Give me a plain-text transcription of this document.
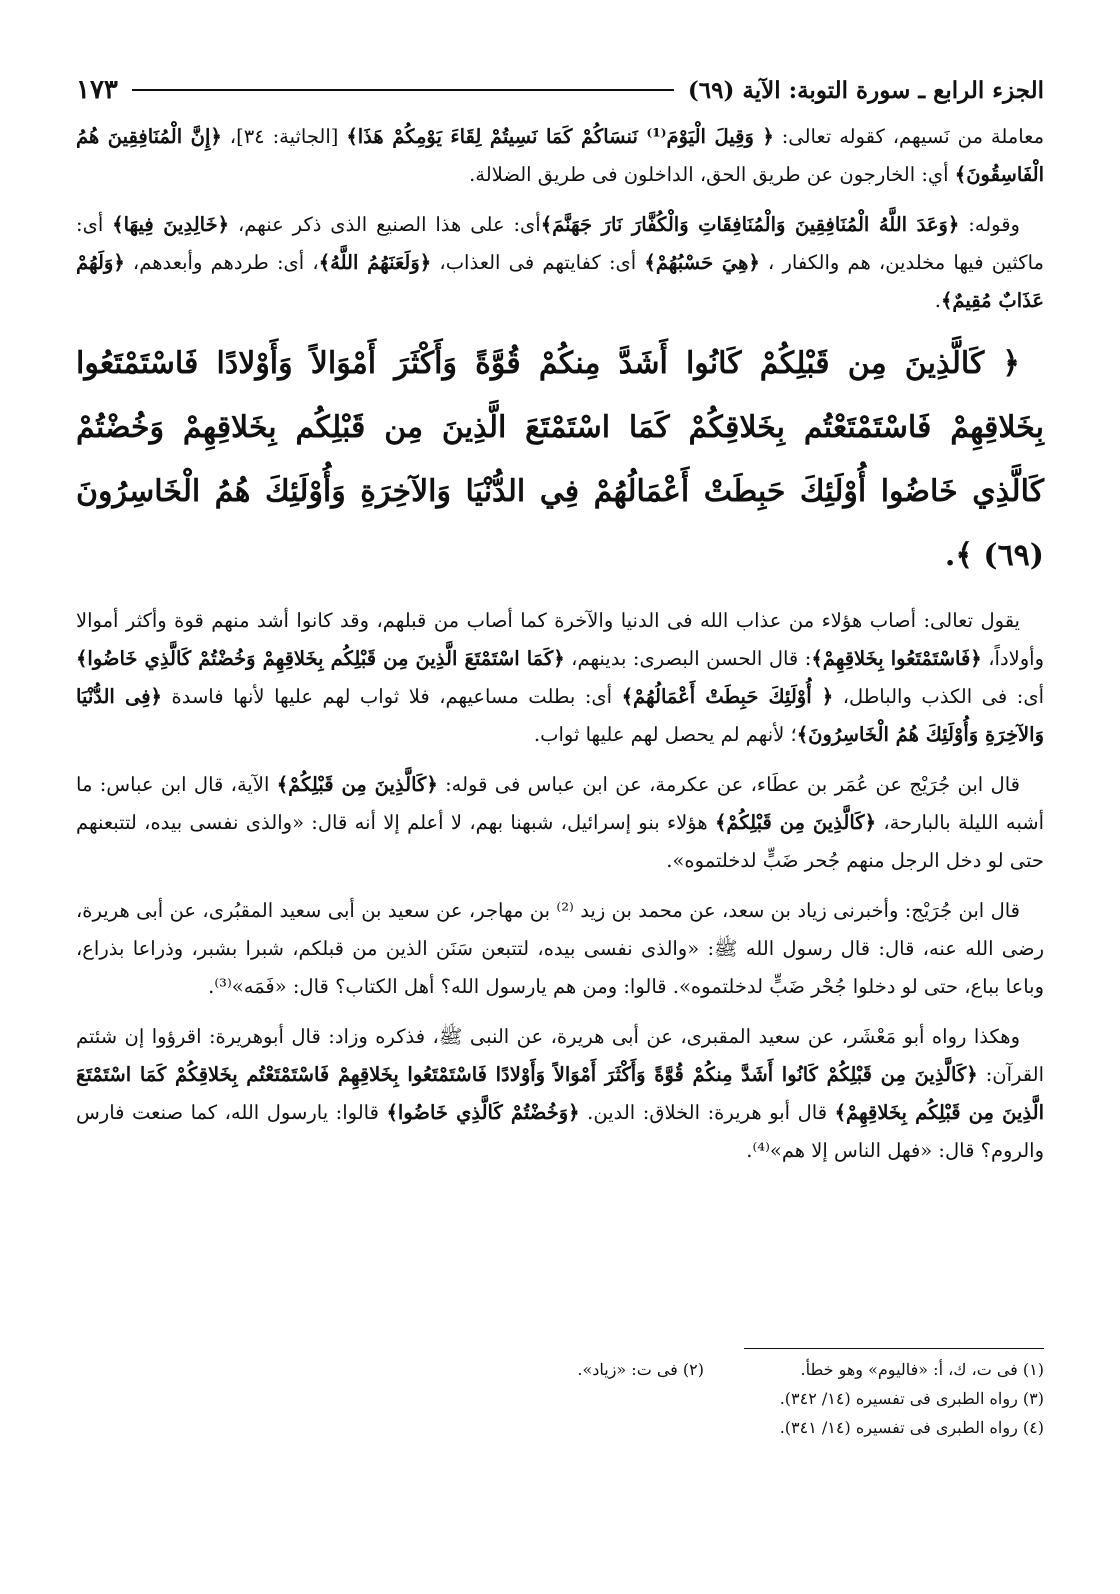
الجزء الرابع ـ سورة التوبة: الآية (٦٩)
١٧٣

معاملة من نَسيهم، كقوله تعالى: ﴿ وَقِيلَ الْيَوْمَ⁽¹⁾ نَنسَاكُمْ كَمَا نَسِيتُمْ لِقَاءَ يَوْمِكُمْ هَذَا﴾ [الجاثية: ٣٤]، ﴿إِنَّ الْمُنَافِقِينَ هُمُ الْفَاسِقُونَ﴾ أي: الخارجون عن طريق الحق، الداخلون فى طريق الضلالة.

وقوله: ﴿وَعَدَ اللَّهُ الْمُنَافِقِينَ وَالْمُنَافِقَاتِ وَالْكُفَّارَ نَارَ جَهَنَّمَ﴾أى: على هذا الصنيع الذى ذكر عنهم، ﴿خَالِدِينَ فِيهَا﴾ أى: ماكثين فيها مخلدين، هم والكفار ، ﴿هِيَ حَسْبُهُمْ﴾ أى: كفايتهم فى العذاب، ﴿وَلَعَنَهُمُ اللَّهُ﴾، أى: طردهم وأبعدهم، ﴿وَلَهُمْ عَذَابٌ مُقِيمٌ﴾.

﴿ كَالَّذِينَ مِن قَبْلِكُمْ كَانُوا أَشَدَّ مِنكُمْ قُوَّةً وَأَكْثَرَ أَمْوَالاً وَأَوْلادًا فَاسْتَمْتَعُوا بِخَلاقِهِمْ فَاسْتَمْتَعْتُم بِخَلاقِكُمْ كَمَا اسْتَمْتَعَ الَّذِينَ مِن قَبْلِكُم بِخَلاقِهِمْ وَخُضْتُمْ كَالَّذِي خَاضُوا أُوْلَئِكَ حَبِطَتْ أَعْمَالُهُمْ فِي الدُّنْيَا وَالآخِرَةِ وَأُوْلَئِكَ هُمُ الْخَاسِرُونَ (٦٩) ﴾.

يقول تعالى: أصاب هؤلاء من عذاب الله فى الدنيا والآخرة كما أصاب من قبلهم، وقد كانوا أشد منهم قوة وأكثر أموالا وأولاداً، ﴿فَاسْتَمْتَعُوا بِخَلاقِهِمْ﴾: قال الحسن البصرى: بدينهم، ﴿كَمَا اسْتَمْتَعَ الَّذِينَ مِن قَبْلِكُم بِخَلاقِهِمْ وَخُضْتُمْ كَالَّذِي خَاضُوا﴾ أى: فى الكذب والباطل، ﴿ أُوْلَئِكَ حَبِطَتْ أَعْمَالُهُمْ﴾ أى: بطلت مساعيهم، فلا ثواب لهم عليها لأنها فاسدة ﴿فِى الدُّنْيَا وَالآخِرَةِ وَأُوْلَئِكَ هُمُ الْخَاسِرُونَ﴾؛ لأنهم لم يحصل لهم عليها ثواب.

قال ابن جُرَيْج عن عُمَر بن عطَاء، عن عكرمة، عن ابن عباس فى قوله: ﴿كَالَّذِينَ مِن قَبْلِكُمْ﴾ الآية، قال ابن عباس: ما أشبه الليلة بالبارحة، ﴿كَالَّذِينَ مِن قَبْلِكُمْ﴾ هؤلاء بنو إسرائيل، شبهنا بهم، لا أعلم إلا أنه قال: «والذى نفسى بيده، لتتبعنهم حتى لو دخل الرجل منهم جُحر ضَبٍّ لدخلتموه».

قال ابن جُرَيْج: وأخبرنى زياد بن سعد، عن محمد بن زيد ⁽²⁾ بن مهاجر، عن سعيد بن أبى سعيد المقبُرى، عن أبى هريرة، رضى الله عنه، قال: قال رسول الله ﷺ: «والذى نفسى بيده، لتتبعن سَنَن الذين من قبلكم، شبرا بشبر، وذراعا بذراع، وباعا بباع، حتى لو دخلوا جُحْر ضَبٍّ لدخلتموه». قالوا: ومن هم يارسول الله؟ أهل الكتاب؟ قال: «فَمَه»⁽³⁾.

وهكذا رواه أبو مَعْشَر، عن سعيد المقبرى، عن أبى هريرة، عن النبى ﷺ، فذكره وزاد: قال أبوهريرة: اقرؤوا إن شئتم القرآن: ﴿كَالَّذِينَ مِن قَبْلِكُمْ كَانُوا أَشَدَّ مِنكُمْ قُوَّةً وَأَكْثَرَ أَمْوَالاً وَأَوْلادًا فَاسْتَمْتَعُوا بِخَلاقِهِمْ فَاسْتَمْتَعْتُم بِخَلاقِكُمْ كَمَا اسْتَمْتَعَ الَّذِينَ مِن قَبْلِكُم بِخَلاقِهِمْ﴾ قال أبو هريرة: الخلاق: الدين. ﴿وَخُضْتُمْ كَالَّذِي خَاضُوا﴾ قالوا: يارسول الله، كما صنعت فارس والروم؟ قال: «فهل الناس إلا هم»⁽⁴⁾.

(١) فى ت، ك، أ: «فاليوم» وهو خطأ.

(٣) رواه الطبرى فى تفسيره (١٤/ ٣٤٢).

(٤) رواه الطبرى فى تفسيره (١٤/ ٣٤١).

(٢) فى ت: «زياد».
